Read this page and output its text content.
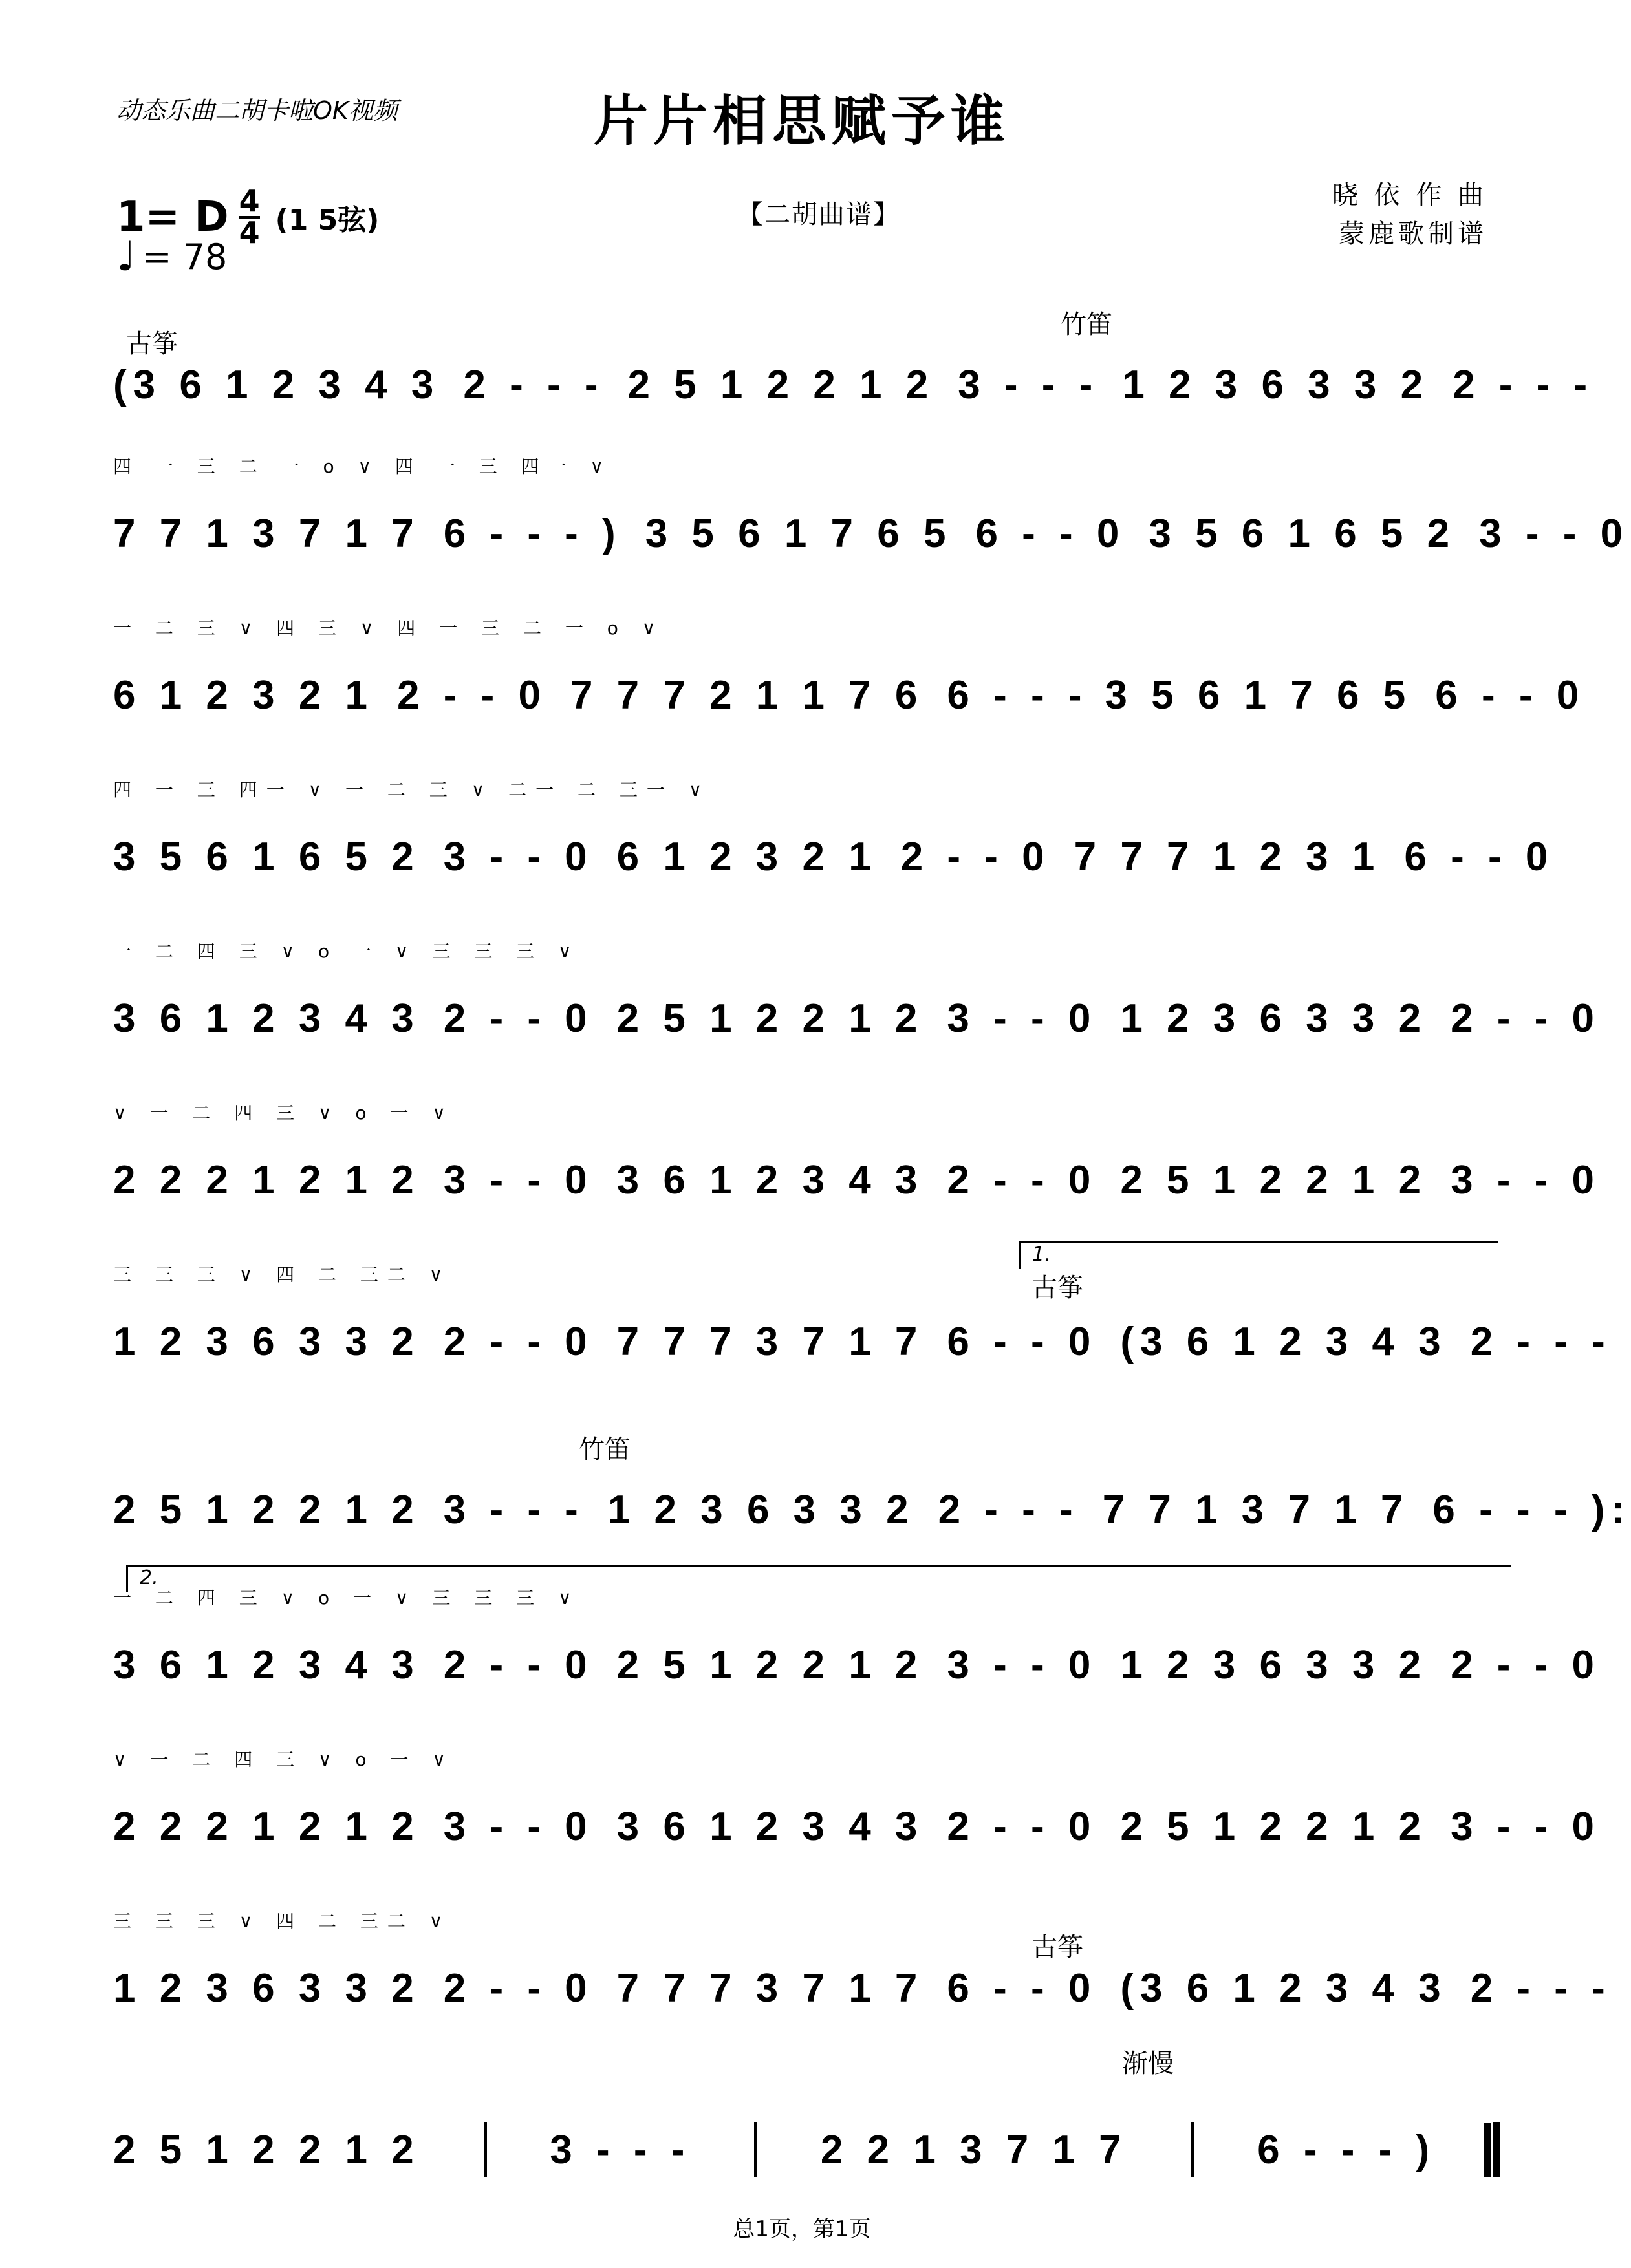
动态乐曲二胡卡啦OK视频	片片相思赋予谁
【二胡曲谱】
晓 依 作 曲
蒙鹿歌制谱
1= D $\frac{4}{4} (1$ 5弦)
♩ = 78
古筝
竹笛
(3 6 1 2 3 4 3 2 - - - 2 5 1 2 2 1 2 3 - - - 1 2 3 6 3 3 2 2 - - -
四 一 三 二 一 o ∨ 四 一 三 四一 ∨
7 7 1 3 7 1 7 6 - - - ) 3 5 6 1 7 6 5 6 - - 0 3 5 6 1 6 5 2 3 - - 0
一 二 三 ∨ 四 三 ∨ 四 一 三 二 一 o ∨
6 1 2 3 2 1 2 - - 0 7 7 7 2 1 1 7 6 6 - - - 3 5 6 1 7 6 5 6 - - 0
四 一 三 四一 ∨ 一 二 三 ∨ 二一 二 三一 ∨
3 5 6 1 6 5 2 3 - - 0 6 1 2 3 2 1 2 - - 0 7 7 7 1 2 3 1 6 - - 0
一 二 四 三 ∨ o 一 ∨ 三 三 三 ∨
3 6 1 2 3 4 3 2 - - 0 2 5 1 2 2 1 2 3 - - 0 1 2 3 6 3 3 2 2 - - 0
∨ 一 二 四 三 ∨ o 一 ∨
2 2 2 1 2 1 2 3 - - 0 3 6 1 2 3 4 3 2 - - 0 2 5 1 2 2 1 2 3 - - 0
三 三 三 ∨ 四 二 三二 ∨
1.
古筝
1 2 3 6 3 3 2 2 - - 0 7 7 7 3 7 1 7 6 - - 0 (3 6 1 2 3 4 3 2 - - -
竹笛
2 5 1 2 2 1 2 3 - - - 1 2 3 6 3 3 2 2 - - - 7 7 1 3 7 1 7 6 - - - ):
一 二 四 三 ∨ o 一 ∨ 三 三 三 ∨
2.
3 6 1 2 3 4 3 2 - - 0 2 5 1 2 2 1 2 3 - - 0 1 2 3 6 3 3 2 2 - - 0
∨ 一 二 四 三 ∨ o 一 ∨
2 2 2 1 2 1 2 3 - - 0 3 6 1 2 3 4 3 2 - - 0 2 5 1 2 2 1 2 3 - - 0
三 三 三 ∨ 四 二 三二 ∨
古筝
1 2 3 6 3 3 2 2 - - 0 7 7 7 3 7 1 7 6 - - 0 (3 6 1 2 3 4 3 2 - - -
渐慢
2 5 1 2 2 1 2	3 - - -	2 2 1 3 7 1 7	6 - - - )
总1页，第1页
